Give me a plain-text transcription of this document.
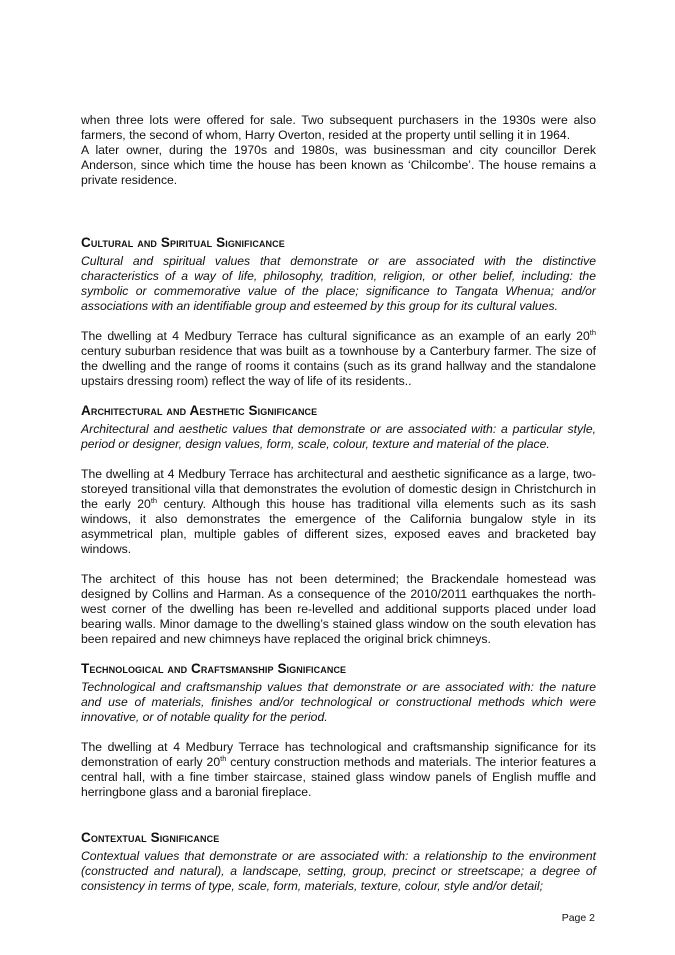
when three lots were offered for sale. Two subsequent purchasers in the 1930s were also farmers, the second of whom, Harry Overton, resided at the property until selling it in 1964.

A later owner, during the 1970s and 1980s, was businessman and city councillor Derek Anderson, since which time the house has been known as ‘Chilcombe’. The house remains a private residence.

Cultural and Spiritual Significance

Cultural and spiritual values that demonstrate or are associated with the distinctive characteristics of a way of life, philosophy, tradition, religion, or other belief, including: the symbolic or commemorative value of the place; significance to Tangata Whenua; and/or associations with an identifiable group and esteemed by this group for its cultural values.

The dwelling at 4 Medbury Terrace has cultural significance as an example of an early 20th century suburban residence that was built as a townhouse by a Canterbury farmer. The size of the dwelling and the range of rooms it contains (such as its grand hallway and the standalone upstairs dressing room) reflect the way of life of its residents..

Architectural and Aesthetic Significance

Architectural and aesthetic values that demonstrate or are associated with: a particular style, period or designer, design values, form, scale, colour, texture and material of the place.

The dwelling at 4 Medbury Terrace has architectural and aesthetic significance as a large, two-storeyed transitional villa that demonstrates the evolution of domestic design in Christchurch in the early 20th century. Although this house has traditional villa elements such as its sash windows, it also demonstrates the emergence of the California bungalow style in its asymmetrical plan, multiple gables of different sizes, exposed eaves and bracketed bay windows.

The architect of this house has not been determined; the Brackendale homestead was designed by Collins and Harman. As a consequence of the 2010/2011 earthquakes the north-west corner of the dwelling has been re-levelled and additional supports placed under load bearing walls. Minor damage to the dwelling’s stained glass window on the south elevation has been repaired and new chimneys have replaced the original brick chimneys.

Technological and Craftsmanship Significance

Technological and craftsmanship values that demonstrate or are associated with: the nature and use of materials, finishes and/or technological or constructional methods which were innovative, or of notable quality for the period.

The dwelling at 4 Medbury Terrace has technological and craftsmanship significance for its demonstration of early 20th century construction methods and materials. The interior features a central hall, with a fine timber staircase, stained glass window panels of English muffle and herringbone glass and a baronial fireplace.

Contextual Significance

Contextual values that demonstrate or are associated with: a relationship to the environment (constructed and natural), a landscape, setting, group, precinct or streetscape; a degree of consistency in terms of type, scale, form, materials, texture, colour, style and/or detail;

Page 2
